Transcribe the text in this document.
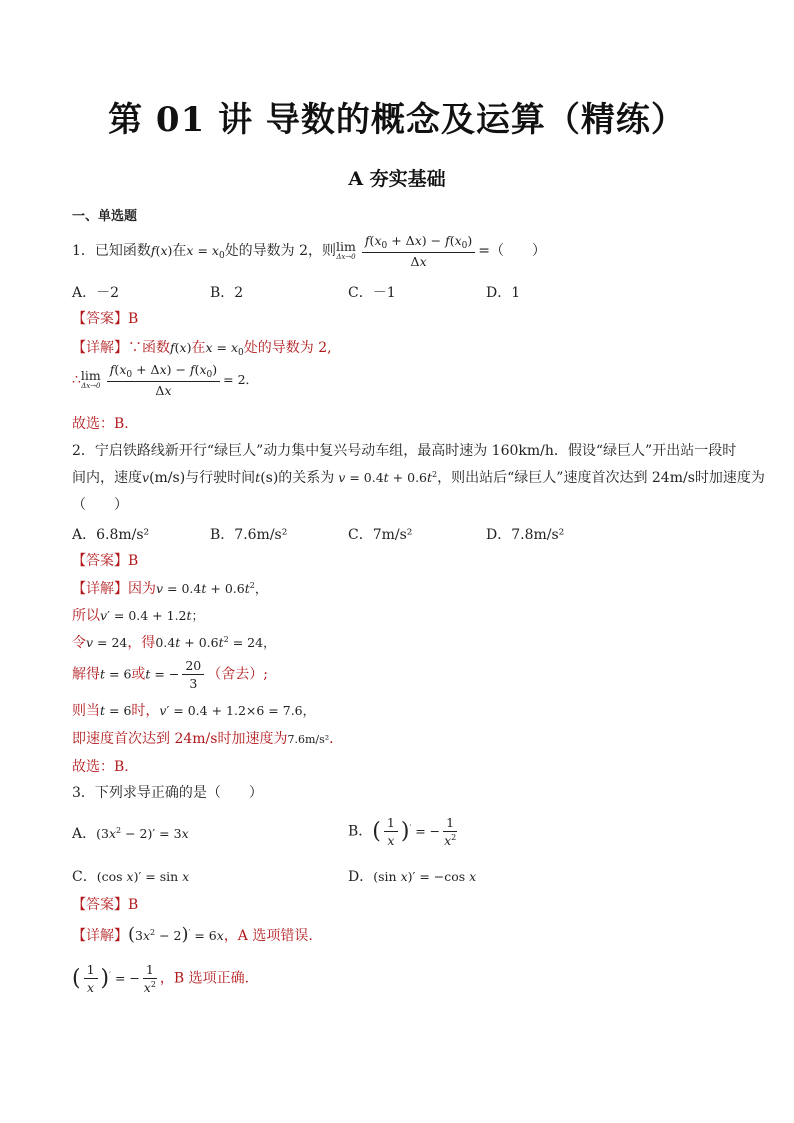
第 01 讲 导数的概念及运算（精练）
A 夯实基础
一、单选题
1．已知函数f(x)在$x = x_0$处的导数为 2，则 lim
$\Delta x\to 0 \frac{f(x_0 + \Delta x) - f(x_0)}{\Delta x}$ =（　　）
A．－2	B．2	C．－1	D．1
【答案】B
【详解】∵函数f(x)在$x = x_0$处的导数为 2,
∴ lim
$\Delta x\to 0 \frac{f(x_0 + \Delta x) - f(x_0)}{\Delta x} = 2$．
故选：B.
2．宁启铁路线新开行“绿巨人”动力集中复兴号动车组，最高时速为 160km/h．假设“绿巨人”开出站一段时
间内，速度v(m/s)与行驶时间t(s)的关系为 $v = 0.4t + 0.6t^2$，则出站后“绿巨人”速度首次达到 24m/s时加速度为
（　　）
A．6.8m/s²	B．7.6m/s²	C．7m/s²	D．7.8m/s²
【答案】B
【详解】因为$v = 0.4t + 0.6t^2$，
所以v′ = 0.4 + 1.2t；
令v = 24，得$0.4t + 0.6t^2 = 24$，
解得t = 6或t = − $\frac{20}{3}$ （舍去）;
则当t = 6时，v′ = 0.4 + 1.2×6 = 7.6，
即速度首次达到 24m/s时加速度为7.6m/s²．
故选：B.
3．下列求导正确的是（　　）
A．$(3x^2 - 2)' = 3x$	B．( $\frac{1}{x} )'$ = − $\frac{1}{x^2}$
C．(cos x)′ = sin x	D．(sin x)′ = −cos x
【答案】B
【详解】$(3x^2 - 2)' = 6x$，A 选项错误.
( $\frac{1}{x} )'$ = − $\frac{1}{x^2}$ ，B 选项正确.
